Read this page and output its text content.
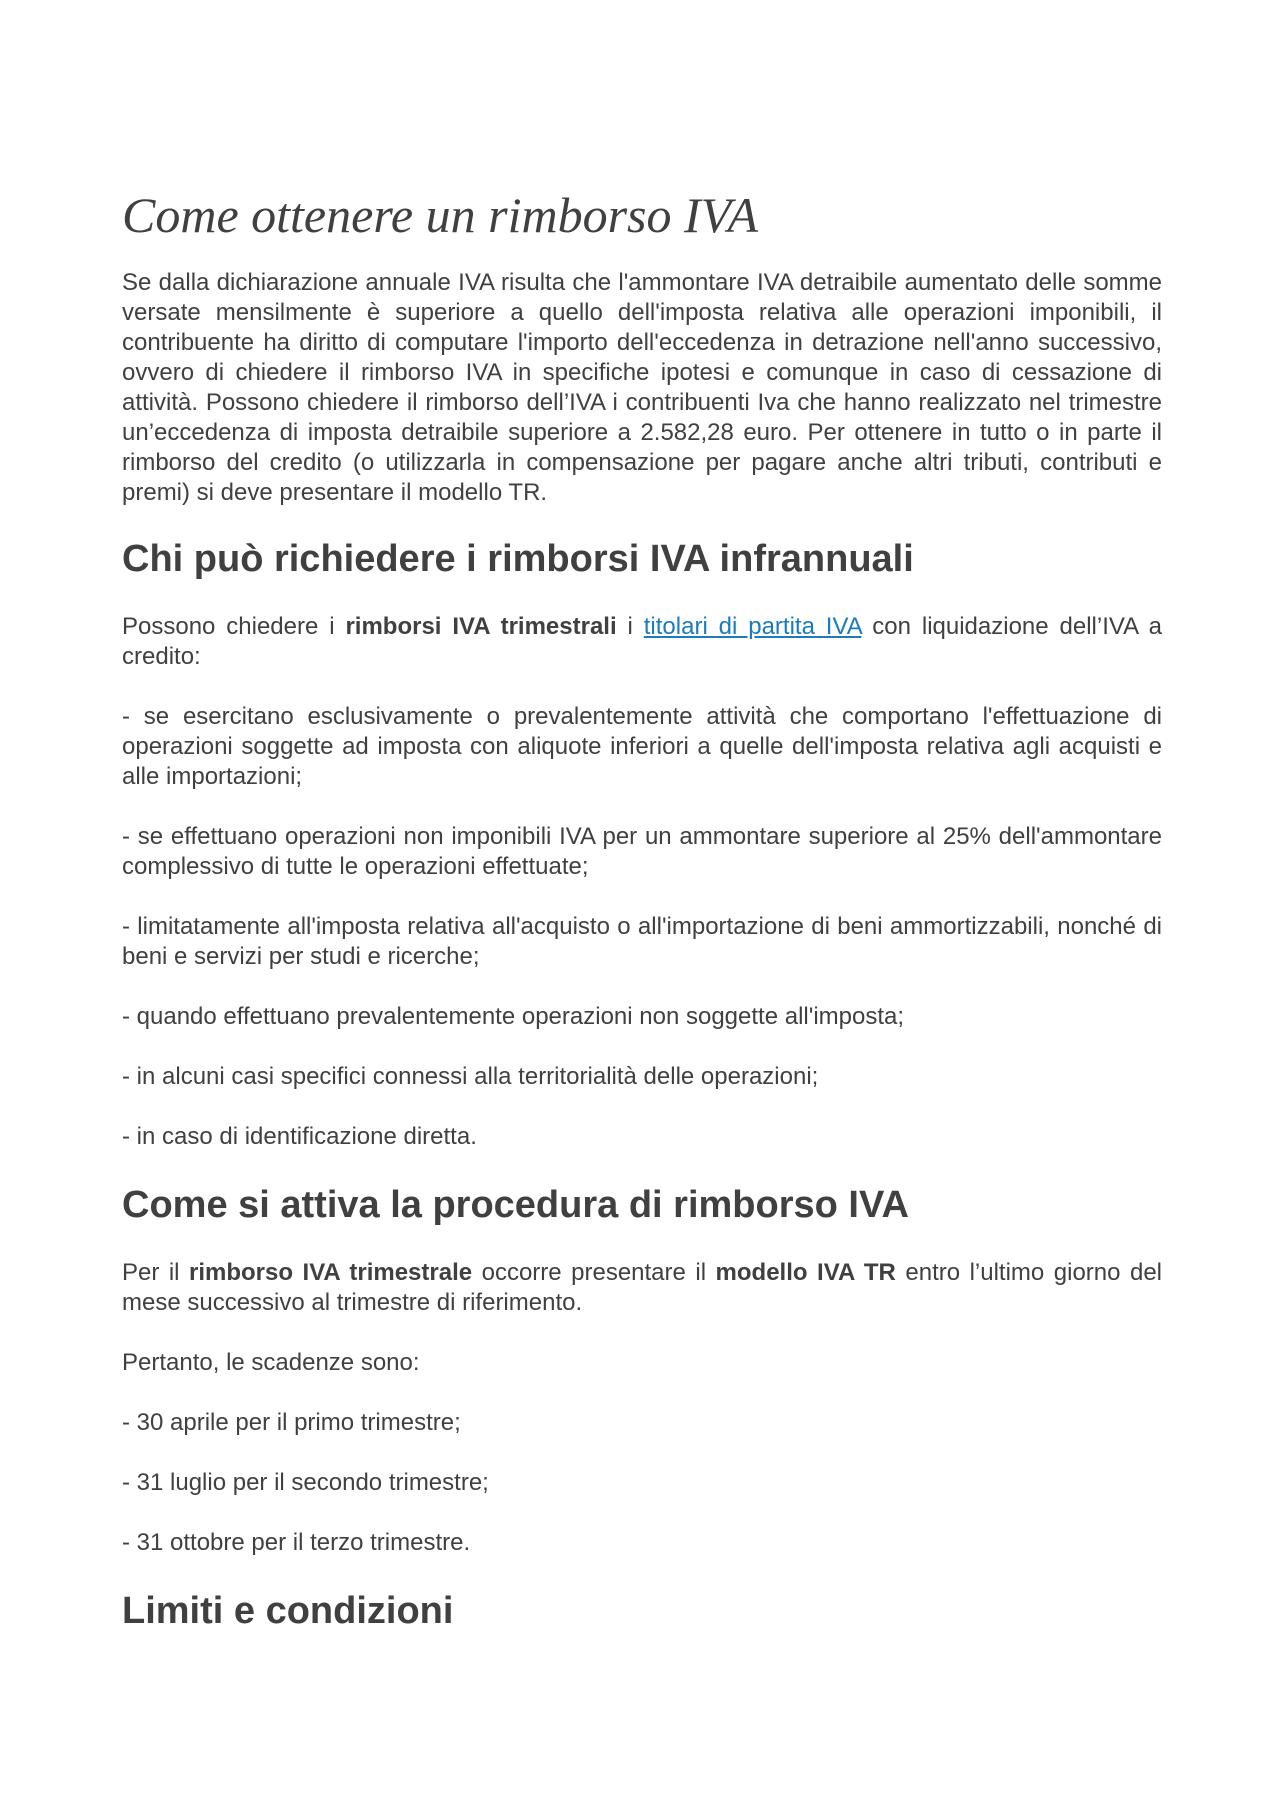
Come ottenere un rimborso IVA

Se dalla dichiarazione annuale IVA risulta che l'ammontare IVA detraibile aumentato delle somme versate mensilmente è superiore a quello dell'imposta relativa alle operazioni imponibili, il contribuente ha diritto di computare l'importo dell'eccedenza in detrazione nell'anno successivo, ovvero di chiedere il rimborso IVA in specifiche ipotesi e comunque in caso di cessazione di attività. Possono chiedere il rimborso dell’IVA i contribuenti Iva che hanno realizzato nel trimestre un’eccedenza di imposta detraibile superiore a 2.582,28 euro. Per ottenere in tutto o in parte il rimborso del credito (o utilizzarla in compensazione per pagare anche altri tributi, contributi e premi) si deve presentare il modello TR.

Chi può richiedere i rimborsi IVA infrannuali

Possono chiedere i rimborsi IVA trimestrali i titolari di partita IVA con liquidazione dell’IVA a credito:

- se esercitano esclusivamente o prevalentemente attività che comportano l'effettuazione di operazioni soggette ad imposta con aliquote inferiori a quelle dell'imposta relativa agli acquisti e alle importazioni;

- se effettuano operazioni non imponibili IVA per un ammontare superiore al 25% dell'ammontare complessivo di tutte le operazioni effettuate;

- limitatamente all'imposta relativa all'acquisto o all'importazione di beni ammortizzabili, nonché di beni e servizi per studi e ricerche;

- quando effettuano prevalentemente operazioni non soggette all'imposta;

- in alcuni casi specifici connessi alla territorialità delle operazioni;

- in caso di identificazione diretta.

Come si attiva la procedura di rimborso IVA

Per il rimborso IVA trimestrale occorre presentare il modello IVA TR entro l’ultimo giorno del mese successivo al trimestre di riferimento.

Pertanto, le scadenze sono:

- 30 aprile per il primo trimestre;

- 31 luglio per il secondo trimestre;

- 31 ottobre per il terzo trimestre.

Limiti e condizioni
